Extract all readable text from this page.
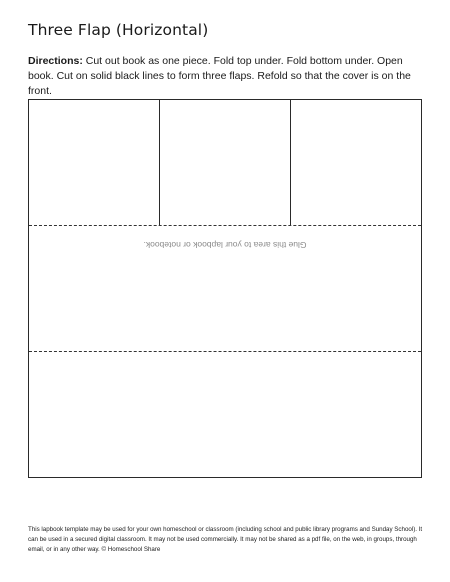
Three Flap (Horizontal)

Directions: Cut out book as one piece. Fold top under. Fold bottom under. Open book. Cut on solid black lines to form three flaps. Refold so that the cover is on the front.

Glue this area to your lapbook or notebook.

This lapbook template may be used for your own homeschool or classroom (including school and public library programs and Sunday School). It can be used in a secured digital classroom. It may not be used commercially. It may not be shared as a pdf file, on the web, in groups, through email, or in any other way. © Homeschool Share
